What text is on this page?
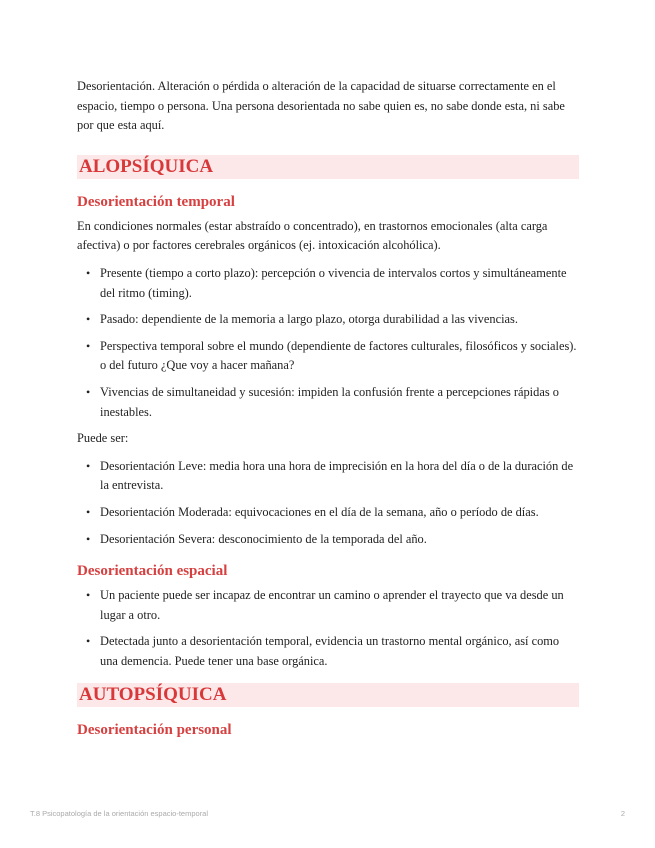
Desorientación. Alteración o pérdida o alteración de la capacidad de situarse correctamente en el espacio, tiempo o persona. Una persona desorientada no sabe quien es, no sabe donde esta, ni sabe por que esta aquí.

ALOPSÍQUICA
Desorientación temporal

En condiciones normales (estar abstraído o concentrado), en trastornos emocionales (alta carga afectiva) o por factores cerebrales orgánicos (ej. intoxicación alcohólica).

• Presente (tiempo a corto plazo): percepción o vivencia de intervalos cortos y simultáneamente del ritmo (timing).
• Pasado: dependiente de la memoria a largo plazo, otorga durabilidad a las vivencias.
• Perspectiva temporal sobre el mundo (dependiente de factores culturales, filosóficos y sociales). o del futuro ¿Que voy a hacer mañana?
• Vivencias de simultaneidad y sucesión: impiden la confusión frente a percepciones rápidas o inestables.

Puede ser:

• Desorientación Leve: media hora una hora de imprecisión en la hora del día o de la duración de la entrevista.
• Desorientación Moderada: equivocaciones en el día de la semana, año o período de días.
• Desorientación Severa: desconocimiento de la temporada del año.
Desorientación espacial
• Un paciente puede ser incapaz de encontrar un camino o aprender el trayecto que va desde un lugar a otro.
• Detectada junto a desorientación temporal, evidencia un trastorno mental orgánico, así como una demencia. Puede tener una base orgánica.
AUTOPSÍQUICA
Desorientación personal
T.8 Psicopatología de la orientación espacio-temporal	2
